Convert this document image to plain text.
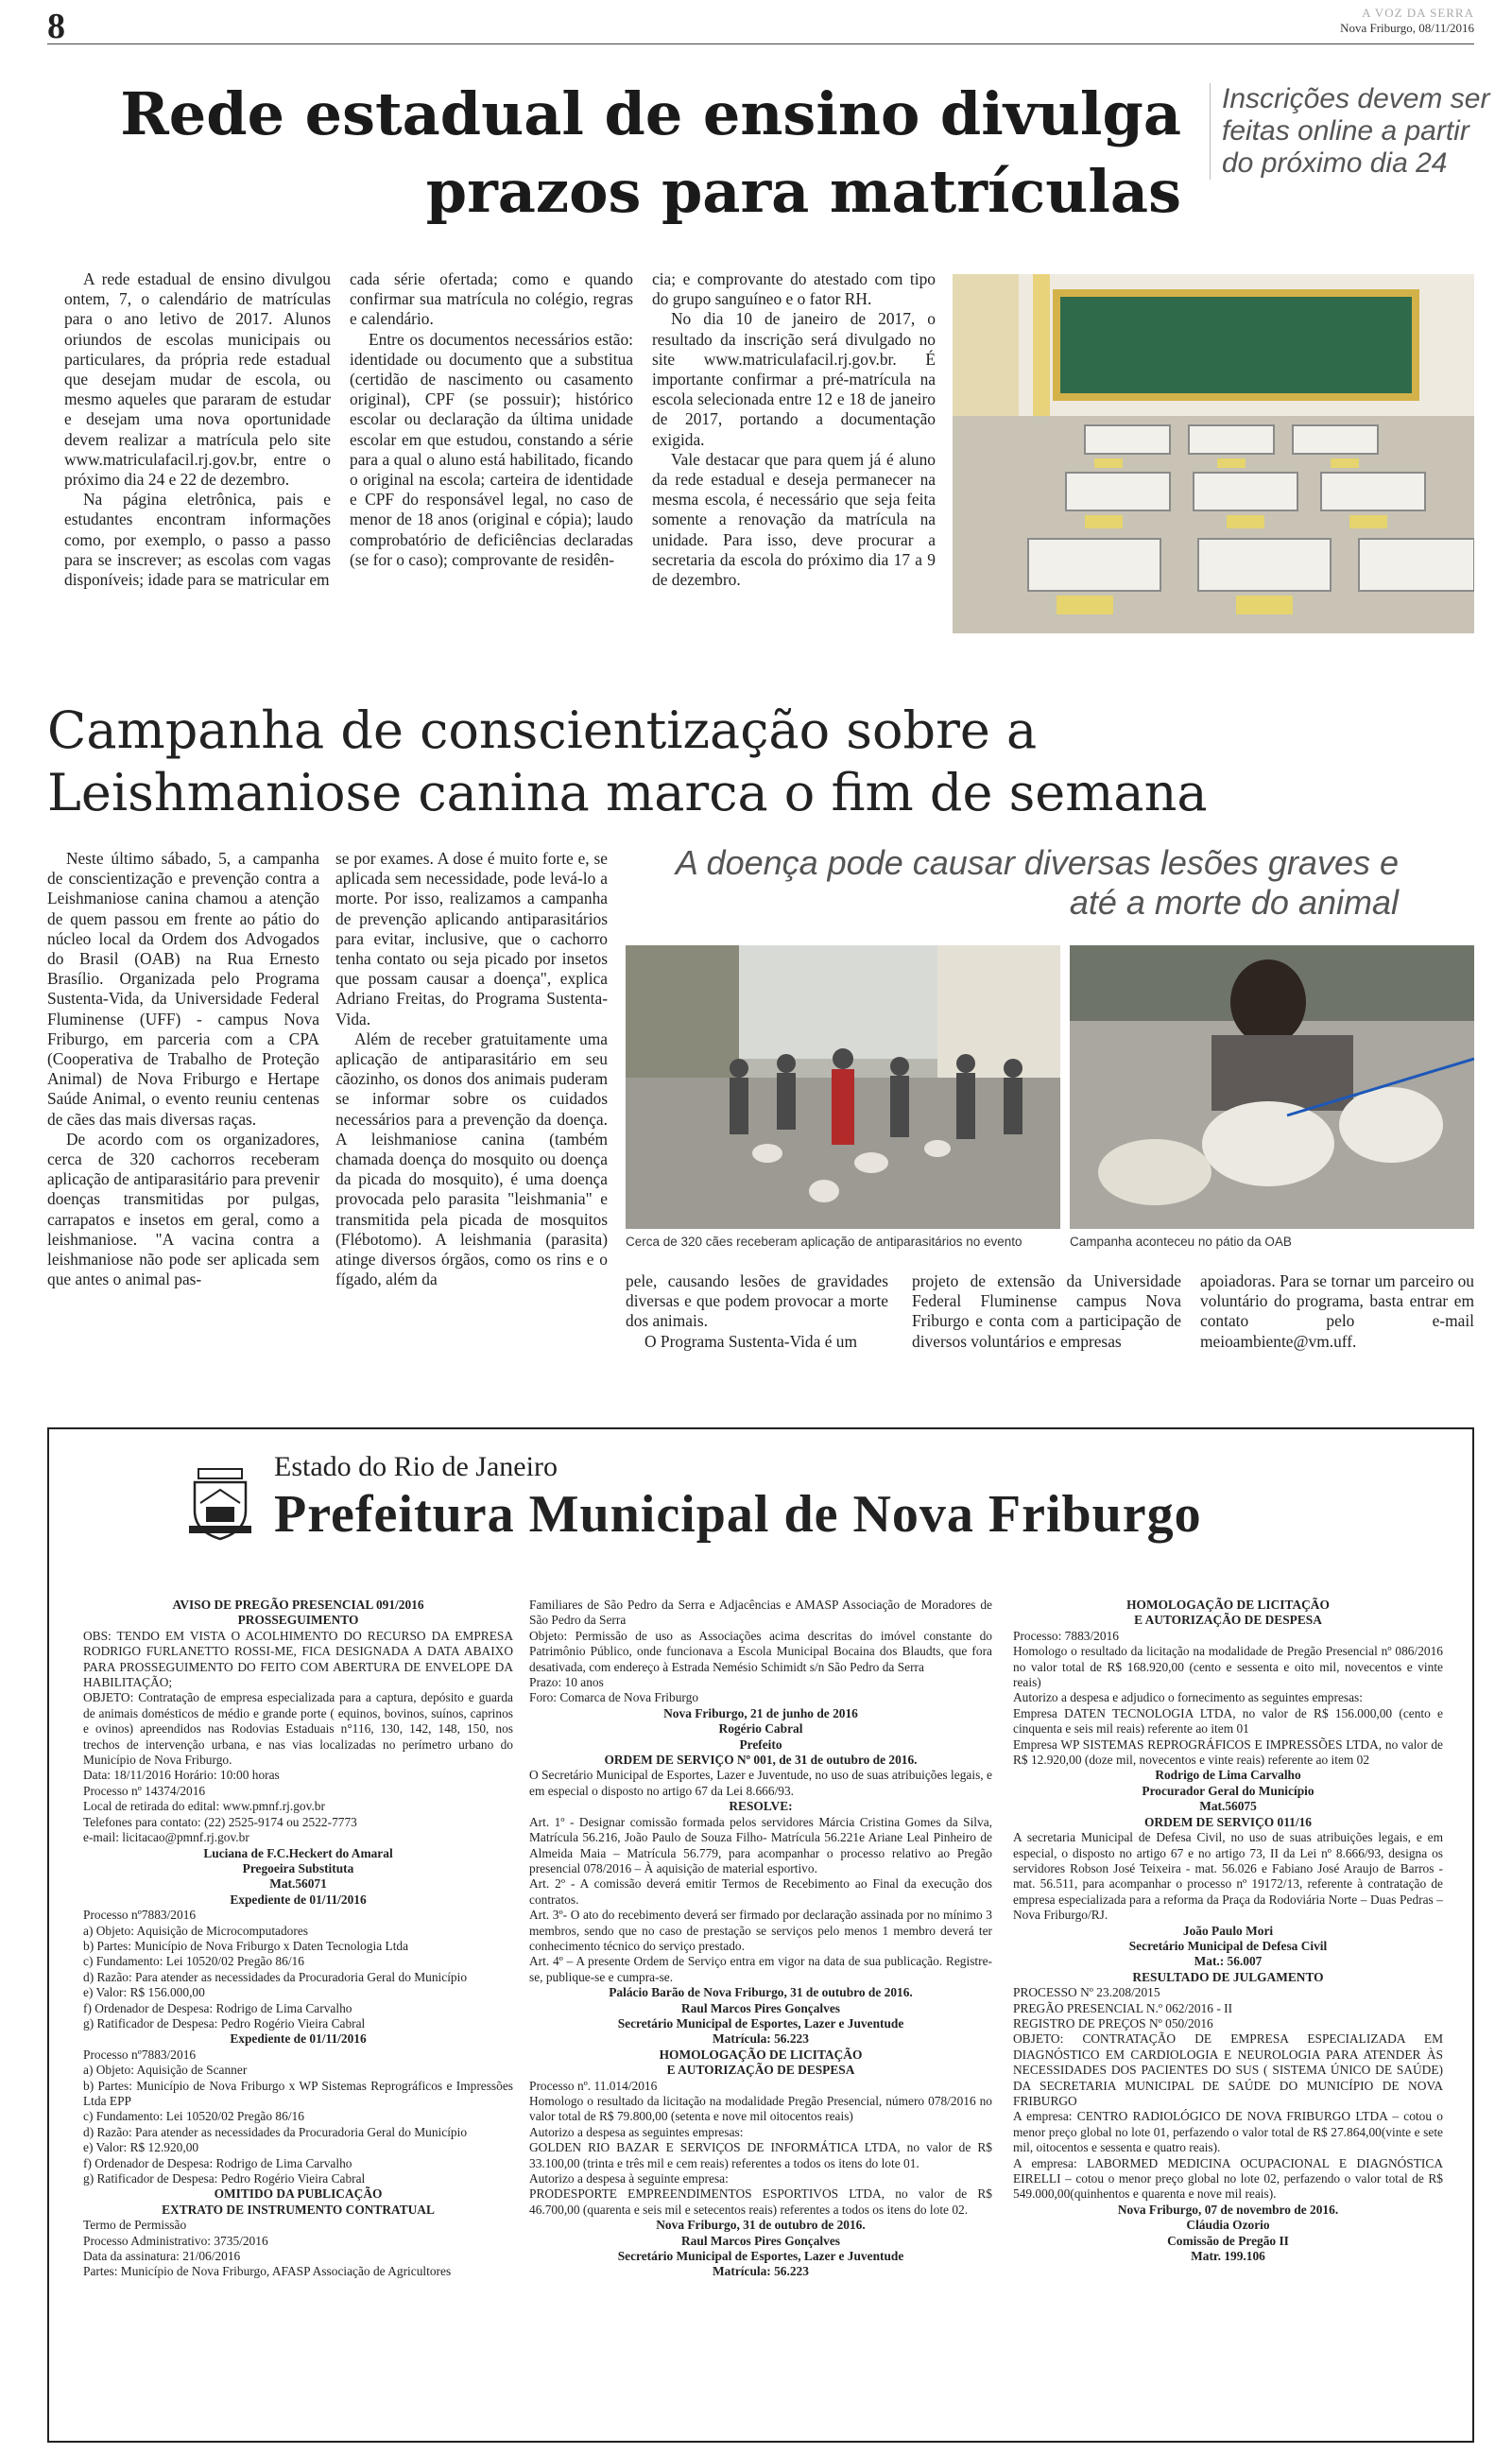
8	A VOZ DA SERRA
Nova Friburgo, 08/11/2016
Rede estadual de ensino divulga prazos para matrículas
Inscrições devem ser feitas online a partir do próximo dia 24

A rede estadual de ensino divulgou ontem, 7, o calendário de matrículas para o ano letivo de 2017. Alunos oriundos de escolas municipais ou particulares, da própria rede estadual que desejam mudar de escola, ou mesmo aqueles que pararam de estudar e desejam uma nova oportunidade devem realizar a matrícula pelo site www.matriculafacil.rj.gov.br, entre o próximo dia 24 e 22 de dezembro.

Na página eletrônica, pais e estudantes encontram informações como, por exemplo, o passo a passo para se inscrever; as escolas com vagas disponíveis; idade para se matricular em

cada série ofertada; como e quando confirmar sua matrícula no colégio, regras e calendário.

Entre os documentos necessários estão: identidade ou documento que a substitua (certidão de nascimento ou casamento original), CPF (se possuir); histórico escolar ou declaração da última unidade escolar em que estudou, constando a série para a qual o aluno está habilitado, ficando o original na escola; carteira de identidade e CPF do responsável legal, no caso de menor de 18 anos (original e cópia); laudo comprobatório de deficiências declaradas (se for o caso); comprovante de residên-

cia; e comprovante do atestado com tipo do grupo sanguíneo e o fator RH.

No dia 10 de janeiro de 2017, o resultado da inscrição será divulgado no site www.matriculafacil.rj.gov.br. É importante confirmar a pré-matrícula na escola selecionada entre 12 e 18 de janeiro de 2017, portando a documentação exigida.

Vale destacar que para quem já é aluno da rede estadual e deseja permanecer na mesma escola, é necessário que seja feita somente a renovação da matrícula na unidade. Para isso, deve procurar a secretaria da escola do próximo dia 17 a 9 de dezembro.

Campanha de conscientização sobre a Leishmaniose canina marca o fim de semana

Neste último sábado, 5, a campanha de conscientização e prevenção contra a Leishmaniose canina chamou a atenção de quem passou em frente ao pátio do núcleo local da Ordem dos Advogados do Brasil (OAB) na Rua Ernesto Brasílio. Organizada pelo Programa Sustenta-Vida, da Universidade Federal Fluminense (UFF) - campus Nova Friburgo, em parceria com a CPA (Cooperativa de Trabalho de Proteção Animal) de Nova Friburgo e Hertape Saúde Animal, o evento reuniu centenas de cães das mais diversas raças.

De acordo com os organizadores, cerca de 320 cachorros receberam aplicação de antiparasitário para prevenir doenças transmitidas por pulgas, carrapatos e insetos em geral, como a leishmaniose. "A vacina contra a leishmaniose não pode ser aplicada sem que antes o animal pas-

se por exames. A dose é muito forte e, se aplicada sem necessidade, pode levá-lo a morte. Por isso, realizamos a campanha de prevenção aplicando antiparasitários para evitar, inclusive, que o cachorro tenha contato ou seja picado por insetos que possam causar a doença", explica Adriano Freitas, do Programa Sustenta-Vida.

Além de receber gratuitamente uma aplicação de antiparasitário em seu cãozinho, os donos dos animais puderam se informar sobre os cuidados necessários para a prevenção da doença. A leishmaniose canina (também chamada doença do mosquito ou doença da picada do mosquito), é uma doença provocada pelo parasita "leishmania" e transmitida pela picada de mosquitos (Flébotomo). A leishmania (parasita) atinge diversos órgãos, como os rins e o fígado, além da

A doença pode causar diversas lesões graves e até a morte do animal
Cerca de 320 cães receberam aplicação de antiparasitários no evento	Campanha aconteceu no pátio da OAB

pele, causando lesões de gravidades diversas e que podem provocar a morte dos animais.

O Programa Sustenta-Vida é um

projeto de extensão da Universidade Federal Fluminense campus Nova Friburgo e conta com a participação de diversos voluntários e empresas

apoiadoras. Para se tornar um parceiro ou voluntário do programa, basta entrar em contato pelo e-mail meioambiente@vm.uff.

Estado do Rio de Janeiro
Prefeitura Municipal de Nova Friburgo

AVISO DE PREGÃO PRESENCIAL 091/2016

PROSSEGUIMENTO

OBS: TENDO EM VISTA O ACOLHIMENTO DO RECURSO DA EMPRESA RODRIGO FURLANETTO ROSSI-ME, FICA DESIGNADA A DATA ABAIXO PARA PROSSEGUIMENTO DO FEITO COM ABERTURA DE ENVELOPE DA HABILITAÇÃO;

OBJETO: Contratação de empresa especializada para a captura, depósito e guarda de animais domésticos de médio e grande porte ( equinos, bovinos, suínos, caprinos e ovinos) apreendidos nas Rodovias Estaduais n°116, 130, 142, 148, 150, nos trechos de intervenção urbana, e nas vias localizadas no perímetro urbano do Município de Nova Friburgo.

Data: 18/11/2016 Horário: 10:00 horas

Processo nº 14374/2016

Local de retirada do edital: www.pmnf.rj.gov.br

Telefones para contato: (22) 2525-9174 ou 2522-7773

e-mail: licitacao@pmnf.rj.gov.br

Luciana de F.C.Heckert do Amaral

Pregoeira Substituta

Mat.56071

Expediente de 01/11/2016

Processo nº7883/2016

a) Objeto: Aquisição de Microcomputadores

b) Partes: Município de Nova Friburgo x Daten Tecnologia Ltda

c) Fundamento: Lei 10520/02 Pregão 86/16

d) Razão: Para atender as necessidades da Procuradoria Geral do Município

e) Valor: R$ 156.000,00

f) Ordenador de Despesa: Rodrigo de Lima Carvalho

g) Ratificador de Despesa: Pedro Rogério Vieira Cabral

Expediente de 01/11/2016

Processo nº7883/2016

a) Objeto: Aquisição de Scanner

b) Partes: Município de Nova Friburgo x WP Sistemas Reprográficos e Impressões Ltda EPP

c) Fundamento: Lei 10520/02 Pregão 86/16

d) Razão: Para atender as necessidades da Procuradoria Geral do Município

e) Valor: R$ 12.920,00

f) Ordenador de Despesa: Rodrigo de Lima Carvalho

g) Ratificador de Despesa: Pedro Rogério Vieira Cabral

OMITIDO DA PUBLICAÇÃO

EXTRATO DE INSTRUMENTO CONTRATUAL

Termo de Permissão

Processo Administrativo: 3735/2016

Data da assinatura: 21/06/2016

Partes: Município de Nova Friburgo, AFASP Associação de Agricultores

Familiares de São Pedro da Serra e Adjacências e AMASP Associação de Moradores de São Pedro da Serra

Objeto: Permissão de uso as Associações acima descritas do imóvel constante do Patrimônio Público, onde funcionava a Escola Municipal Bocaina dos Blaudts, que fora desativada, com endereço à Estrada Nemésio Schimidt s/n São Pedro da Serra

Prazo: 10 anos

Foro: Comarca de Nova Friburgo

Nova Friburgo, 21 de junho de 2016

Rogério Cabral

Prefeito

ORDEM DE SERVIÇO Nº 001, de 31 de outubro de 2016.

O Secretário Municipal de Esportes, Lazer e Juventude, no uso de suas atribuições legais, e em especial o disposto no artigo 67 da Lei 8.666/93.

RESOLVE:

Art. 1º - Designar comissão formada pelos servidores Márcia Cristina Gomes da Silva, Matrícula 56.216, João Paulo de Souza Filho- Matrícula 56.221e Ariane Leal Pinheiro de Almeida Maia – Matrícula 56.779, para acompanhar o processo relativo ao Pregão presencial 078/2016 – À aquisição de material esportivo.

Art. 2º - A comissão deverá emitir Termos de Recebimento ao Final da execução dos contratos.

Art. 3º- O ato do recebimento deverá ser firmado por declaração assinada por no mínimo 3 membros, sendo que no caso de prestação se serviços pelo menos 1 membro deverá ter conhecimento técnico do serviço prestado.

Art. 4º – A presente Ordem de Serviço entra em vigor na data de sua publicação. Registre-se, publique-se e cumpra-se.

Palácio Barão de Nova Friburgo, 31 de outubro de 2016.

Raul Marcos Pires Gonçalves

Secretário Municipal de Esportes, Lazer e Juventude

Matrícula: 56.223

HOMOLOGAÇÃO DE LICITAÇÃO

E AUTORIZAÇÃO DE DESPESA

Processo nº. 11.014/2016

Homologo o resultado da licitação na modalidade Pregão Presencial, número 078/2016 no valor total de R$ 79.800,00 (setenta e nove mil oitocentos reais)

Autorizo a despesa as seguintes empresas:

GOLDEN RIO BAZAR E SERVIÇOS DE INFORMÁTICA LTDA, no valor de R$ 33.100,00 (trinta e três mil e cem reais) referentes a todos os itens do lote 01.

Autorizo a despesa à seguinte empresa:

PRODESPORTE EMPREENDIMENTOS ESPORTIVOS LTDA, no valor de R$ 46.700,00 (quarenta e seis mil e setecentos reais) referentes a todos os itens do lote 02.

Nova Friburgo, 31 de outubro de 2016.

Raul Marcos Pires Gonçalves

Secretário Municipal de Esportes, Lazer e Juventude

Matrícula: 56.223

HOMOLOGAÇÃO DE LICITAÇÃO

E AUTORIZAÇÃO DE DESPESA

Processo: 7883/2016

Homologo o resultado da licitação na modalidade de Pregão Presencial nº 086/2016 no valor total de R$ 168.920,00 (cento e sessenta e oito mil, novecentos e vinte reais)

Autorizo a despesa e adjudico o fornecimento as seguintes empresas:

Empresa DATEN TECNOLOGIA LTDA, no valor de R$ 156.000,00 (cento e cinquenta e seis mil reais) referente ao item 01

Empresa WP SISTEMAS REPROGRÁFICOS E IMPRESSÕES LTDA, no valor de R$ 12.920,00 (doze mil, novecentos e vinte reais) referente ao item 02

Rodrigo de Lima Carvalho

Procurador Geral do Município

Mat.56075

ORDEM DE SERVIÇO 011/16

A secretaria Municipal de Defesa Civil, no uso de suas atribuições legais, e em especial, o disposto no artigo 67 e no artigo 73, II da Lei nº 8.666/93, designa os servidores Robson José Teixeira - mat. 56.026 e Fabiano José Araujo de Barros - mat. 56.511, para acompanhar o processo nº 19172/13, referente à contratação de empresa especializada para a reforma da Praça da Rodoviária Norte – Duas Pedras – Nova Friburgo/RJ.

João Paulo Mori

Secretário Municipal de Defesa Civil

Mat.: 56.007

RESULTADO DE JULGAMENTO

PROCESSO Nº 23.208/2015

PREGÃO PRESENCIAL N.º 062/2016 - II

REGISTRO DE PREÇOS Nº 050/2016

OBJETO: CONTRATAÇÃO DE EMPRESA ESPECIALIZADA EM DIAGNÓSTICO EM CARDIOLOGIA E NEUROLOGIA PARA ATENDER ÀS NECESSIDADES DOS PACIENTES DO SUS ( SISTEMA ÚNICO DE SAÚDE) DA SECRETARIA MUNICIPAL DE SAÚDE DO MUNICÍPIO DE NOVA FRIBURGO

A empresa: CENTRO RADIOLÓGICO DE NOVA FRIBURGO LTDA – cotou o menor preço global no lote 01, perfazendo o valor total de R$ 27.864,00(vinte e sete mil, oitocentos e sessenta e quatro reais).

A empresa: LABORMED MEDICINA OCUPACIONAL E DIAGNÓSTICA EIRELLI – cotou o menor preço global no lote 02, perfazendo o valor total de R$ 549.000,00(quinhentos e quarenta e nove mil reais).

Nova Friburgo, 07 de novembro de 2016.

Cláudia Ozorio

Comissão de Pregão II

Matr. 199.106
